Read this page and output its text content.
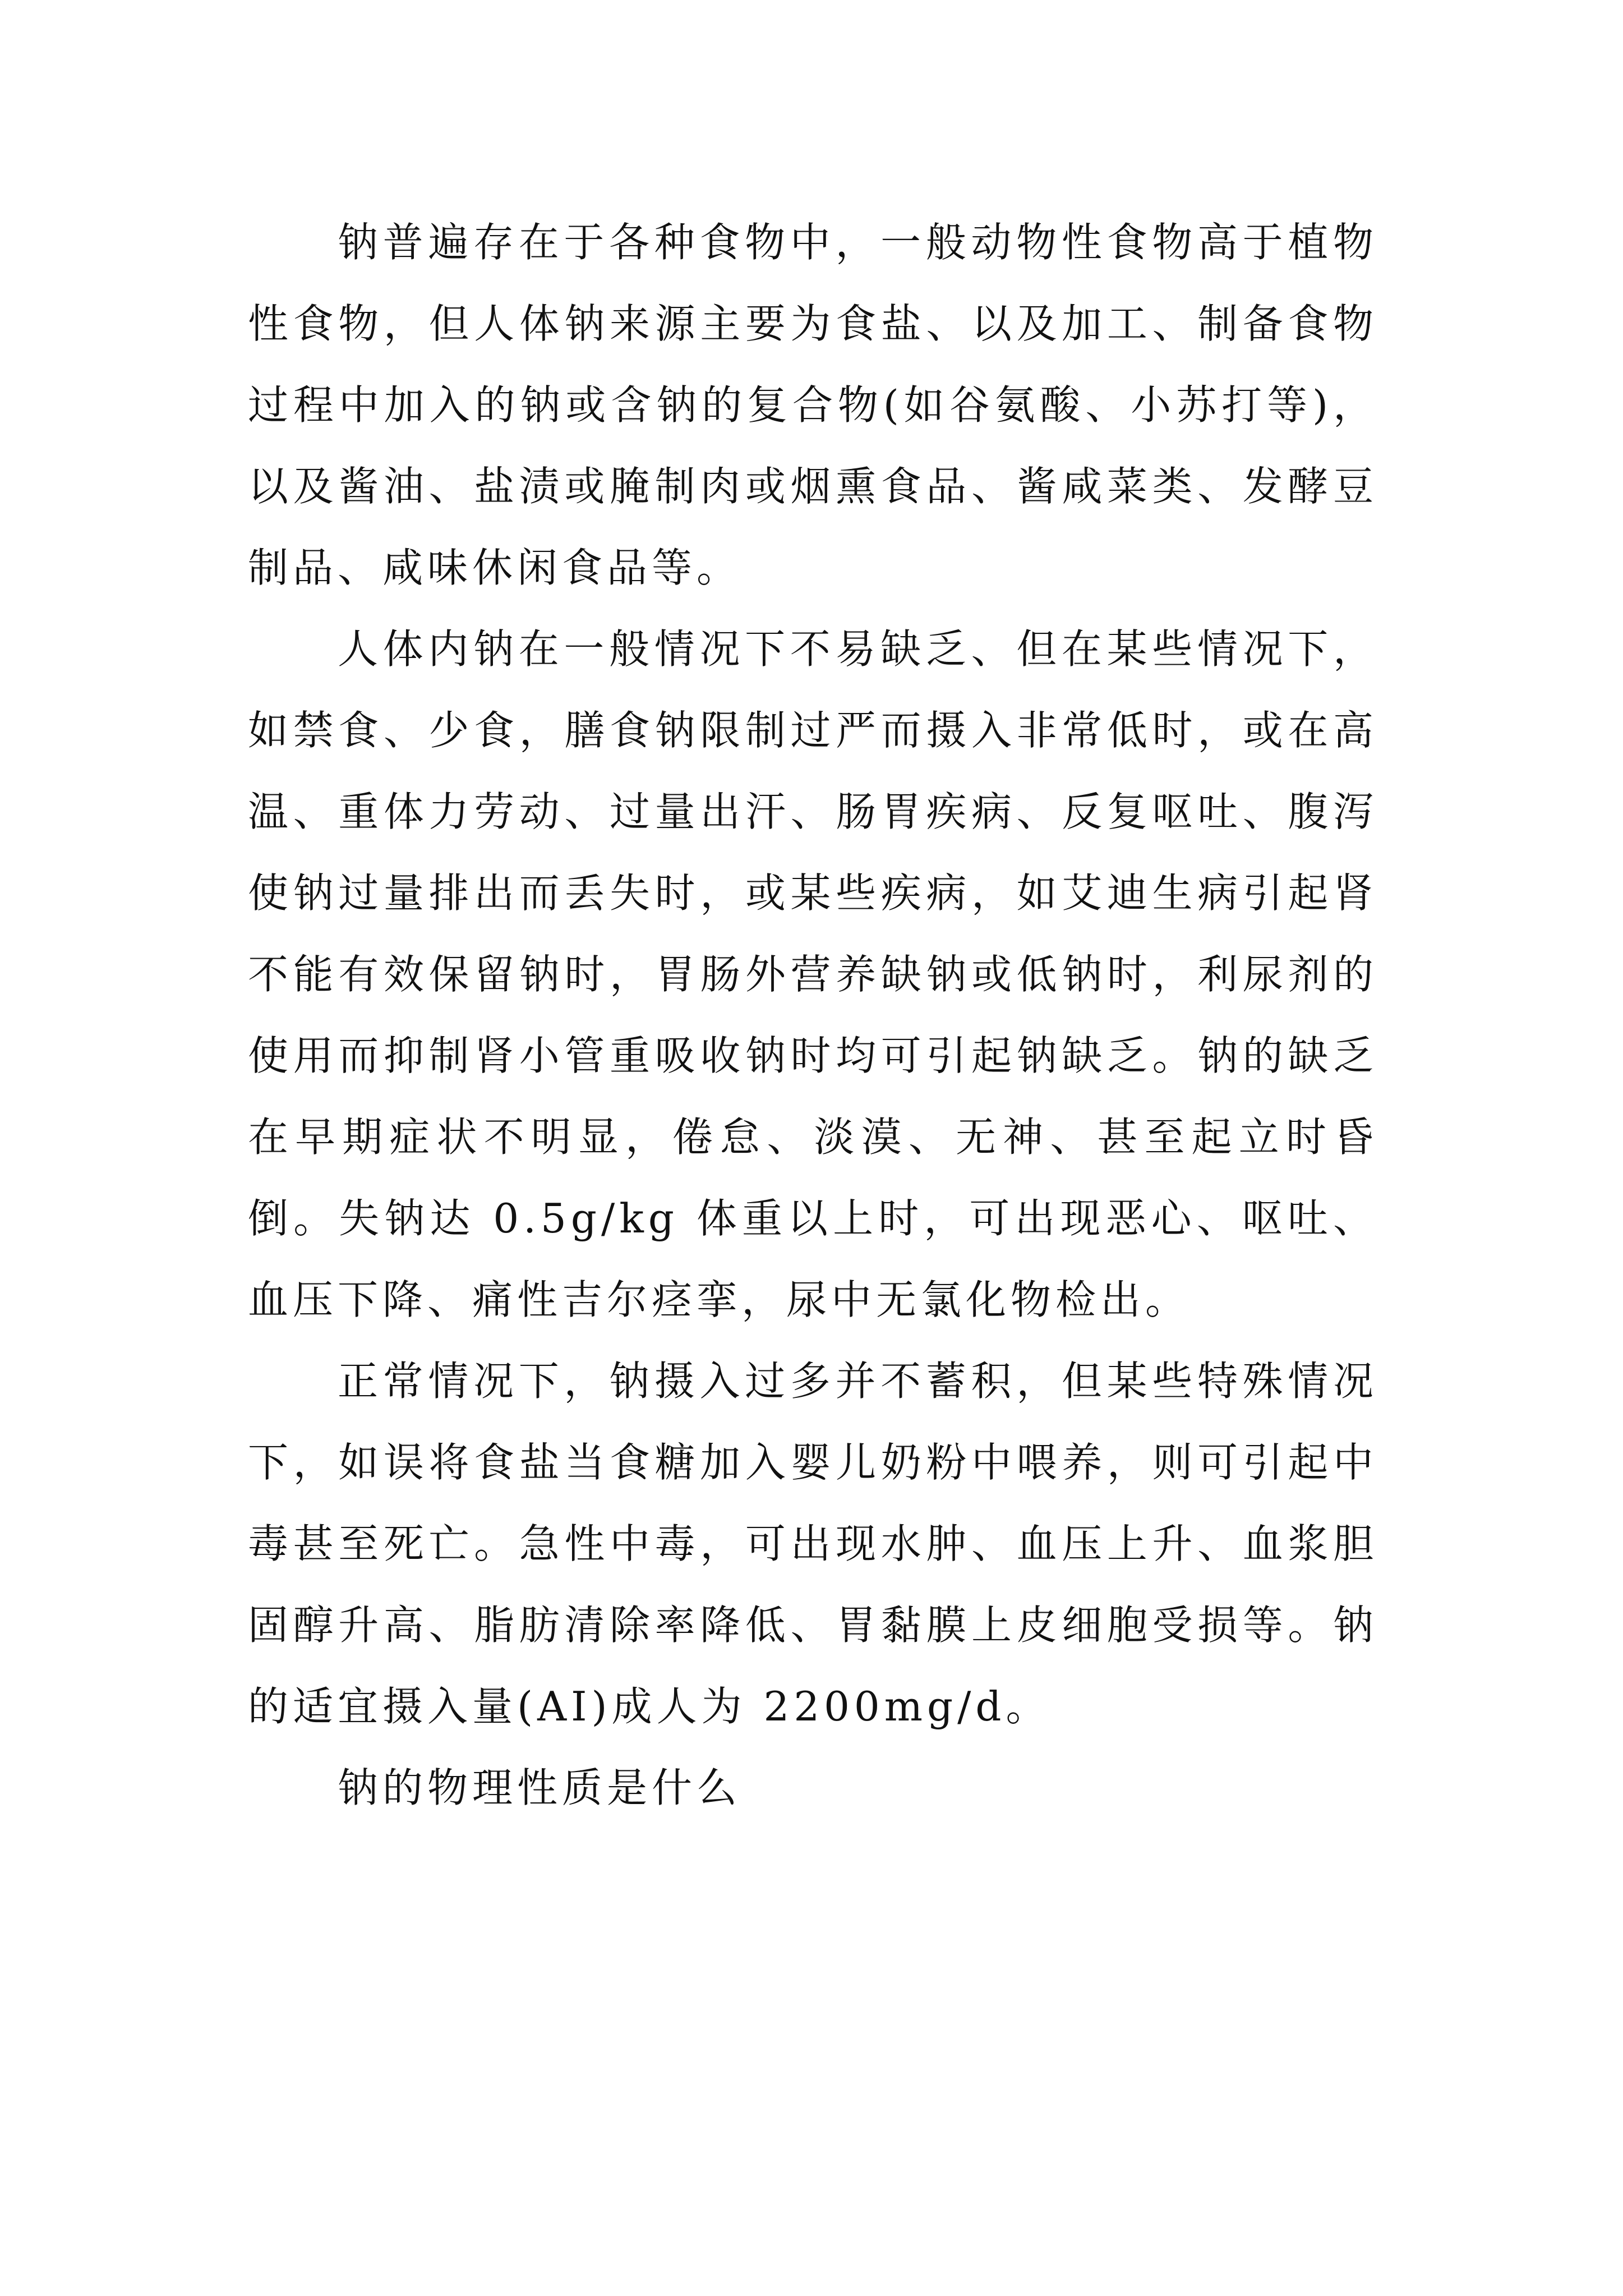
钠普遍存在于各种食物中，一般动物性食物高于植物性食物，但人体钠来源主要为食盐、以及加工、制备食物过程中加入的钠或含钠的复合物(如谷氨酸、小苏打等)，以及酱油、盐渍或腌制肉或烟熏食品、酱咸菜类、发酵豆制品、咸味休闲食品等。

人体内钠在一般情况下不易缺乏、但在某些情况下，如禁食、少食，膳食钠限制过严而摄入非常低时，或在高温、重体力劳动、过量出汗、肠胃疾病、反复呕吐、腹泻使钠过量排出而丢失时，或某些疾病，如艾迪生病引起肾不能有效保留钠时，胃肠外营养缺钠或低钠时，利尿剂的使用而抑制肾小管重吸收钠时均可引起钠缺乏。钠的缺乏在早期症状不明显，倦怠、淡漠、无神、甚至起立时昏倒。失钠达 0.5g/kg 体重以上时，可出现恶心、呕吐、血压下降、痛性吉尔痉挛，尿中无氯化物检出。

正常情况下，钠摄入过多并不蓄积，但某些特殊情况下，如误将食盐当食糖加入婴儿奶粉中喂养，则可引起中毒甚至死亡。急性中毒，可出现水肿、血压上升、血浆胆固醇升高、脂肪清除率降低、胃黏膜上皮细胞受损等。钠的适宜摄入量(AI)成人为 2200mg/d。

钠的物理性质是什么
